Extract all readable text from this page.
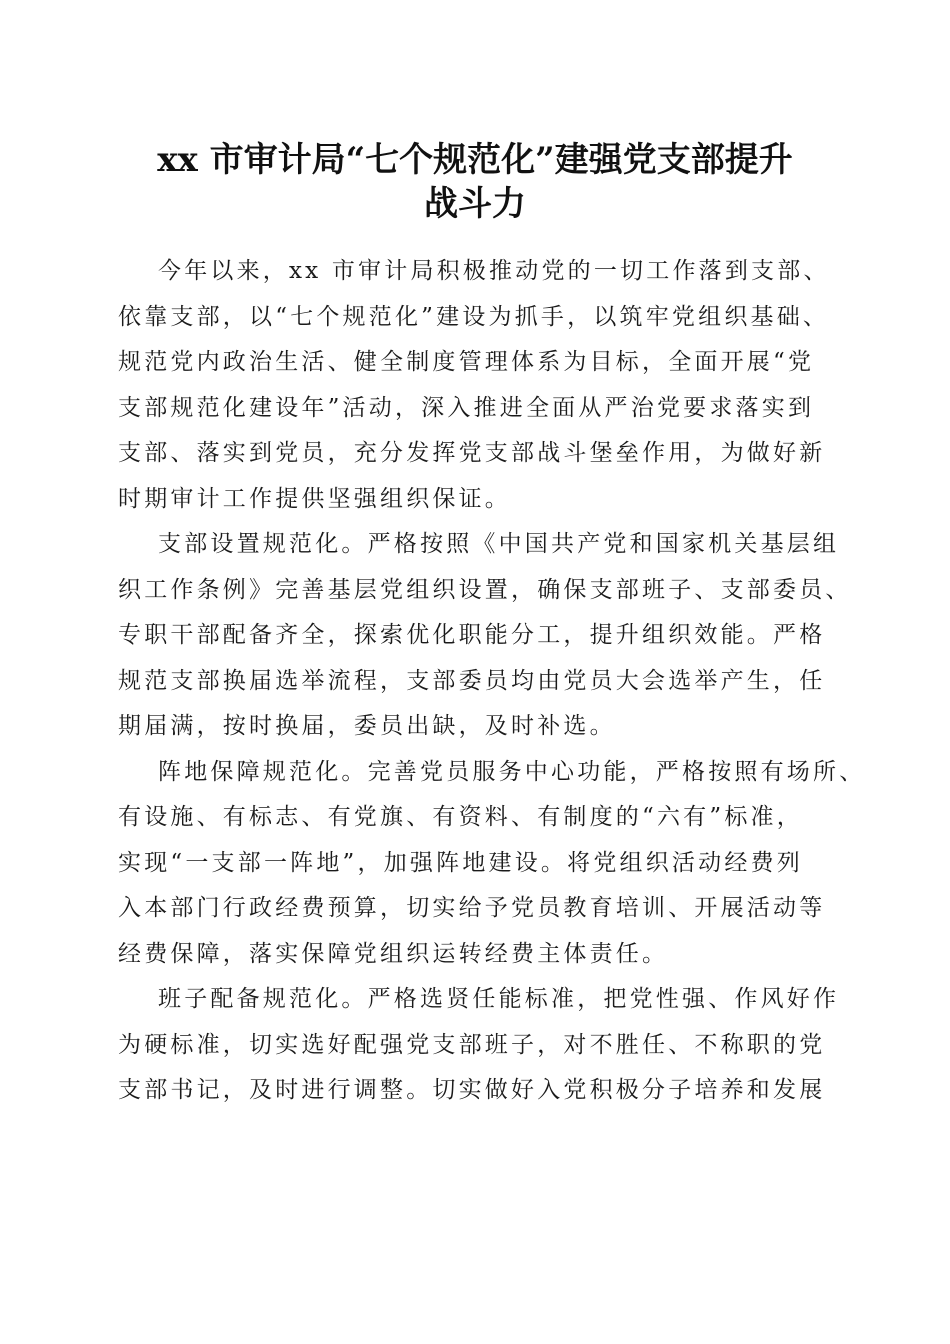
xx 市审计局“七个规范化”建强党支部提升
战斗力
今年以来，xx 市审计局积极推动党的一切工作落到支部、
依靠支部，以“七个规范化”建设为抓手，以筑牢党组织基础、
规范党内政治生活、健全制度管理体系为目标，全面开展“党
支部规范化建设年”活动，深入推进全面从严治党要求落实到
支部、落实到党员，充分发挥党支部战斗堡垒作用，为做好新
时期审计工作提供坚强组织保证。
支部设置规范化。严格按照《中国共产党和国家机关基层组
织工作条例》完善基层党组织设置，确保支部班子、支部委员、
专职干部配备齐全，探索优化职能分工，提升组织效能。严格
规范支部换届选举流程，支部委员均由党员大会选举产生，任
期届满，按时换届，委员出缺，及时补选。
阵地保障规范化。完善党员服务中心功能，严格按照有场所、
有设施、有标志、有党旗、有资料、有制度的“六有”标准，
实现“一支部一阵地”，加强阵地建设。将党组织活动经费列
入本部门行政经费预算，切实给予党员教育培训、开展活动等
经费保障，落实保障党组织运转经费主体责任。
班子配备规范化。严格选贤任能标准，把党性强、作风好作
为硬标准，切实选好配强党支部班子，对不胜任、不称职的党
支部书记，及时进行调整。切实做好入党积极分子培养和发展
